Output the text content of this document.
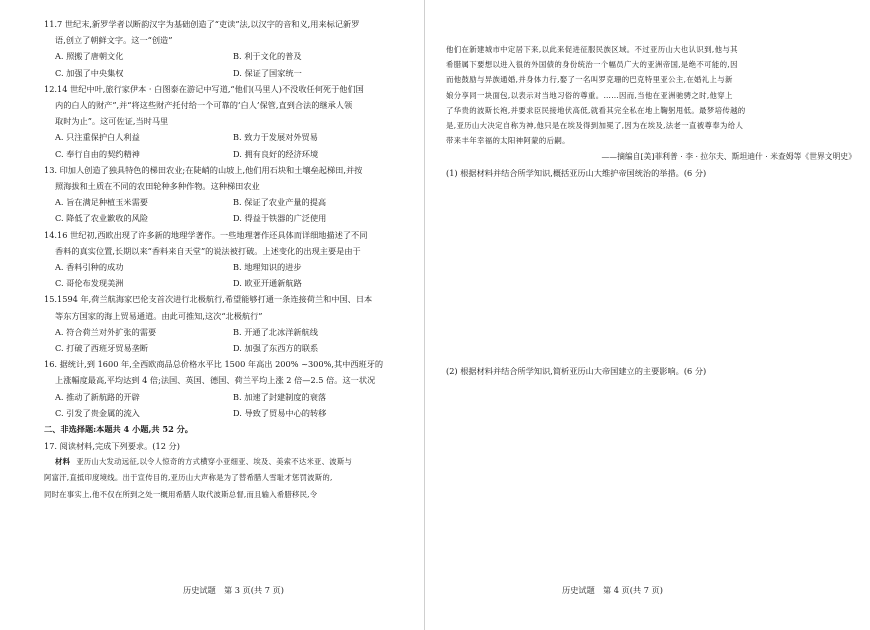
11.7 世纪末,新罗学者以断韵汉字为基础创造了“吏读”法,以汉字的音和义,用来标记新罗
语,创立了朝鲜文字。这一“创造”
A. 照搬了唐朝文化	B. 利于文化的普及
C. 加强了中央集权	D. 保证了国家统一
12.14 世纪中叶,旅行家伊本 · 白图泰在游记中写道,“他们(马里人)不没收任何死于他们国
内的白人的财产”,并“将这些财产托付给一个可靠的‘白人’保管,直到合法的继承人领
取时为止”。这可佐证,当时马里
A. 只注重保护白人利益	B. 致力于发展对外贸易
C. 奉行自由的契约精神	D. 拥有良好的经济环境
13. 印加人创造了独具特色的梯田农业;在陡峭的山坡上,他们用石块和土壤垒起梯田,并按
照海拔和土质在不同的农田轮种多种作物。这种梯田农业
A. 旨在满足种植玉米需要	B. 保证了农业产量的提高
C. 降低了农业歉收的风险	D. 得益于铁器的广泛使用
14.16 世纪初,西欧出现了许多新的地理学著作。一些地理著作还具体而详细地描述了不同
香料的真实位置,长期以来“香料来自天堂”的说法被打破。上述变化的出现主要是由于
A. 香料引种的成功	B. 地理知识的进步
C. 哥伦布发现美洲	D. 欧亚开通新航路
15.1594 年,荷兰航海家巴伦支首次进行北极航行,希望能够打通一条连接荷兰和中国、日本
等东方国家的海上贸易通道。由此可推知,这次“北极航行”
A. 符合荷兰对外扩张的需要	B. 开通了北冰洋新航线
C. 打破了西班牙贸易垄断	D. 加强了东西方的联系
16. 据统计,到 1600 年,全西欧商品总价格水平比 1500 年高出 200% ~300%,其中西班牙的
上涨幅度最高,平均达到 4 倍;法国、英国、德国、荷兰平均上涨 2 倍—2.5 倍。这一状况
A. 推动了新航路的开辟	B. 加速了封建制度的衰落
C. 引发了贵金属的流入	D. 导致了贸易中心的转移
二、非选择题:本题共 4 小题,共 52 分。
17. 阅读材料,完成下列要求。(12 分)
材料 亚历山大发动远征,以令人惊奇的方式横穿小亚细亚、埃及、美索不达米亚、波斯与
阿富汗,直抵印度境线。出于宣传目的,亚历山大声称是为了替希腊人雪耻才惩罚波斯的,
同时在事实上,他不仅在所到之处一概用希腊人取代波斯总督,而且输入希腊移民,令
历史试题　第 3 页(共 7 页)
他们在新建城市中定居下来,以此来促进征服民族区域。不过亚历山大也认识到,他与其
希腊属下要想以进入很的外国债的身份统治一个幅员广大的亚洲帝国,是绝不可能的,因
而他鼓励与异族通婚,并身体力行,娶了一名叫罗克珊的巴克特里亚公主,在婚礼上与新
娘分享同一块面包,以表示对当地习俗的尊重。……因而,当他在亚洲驰骋之时,他穿上
了华贵的波斯长袍,并要求臣民接地伏高低,就看其完全私在地上鞠躬甩低。最梦培传越的
是,亚历山大决定自称为神,他只是在埃及得到加冕了,因为在埃及,法老一直被尊奉为给人
带来丰年幸福的太阳神阿蒙的后嗣。
——摘编自[美]菲利普 · 李 · 拉尔夫、斯坦迪什 · 米查姆等《世界文明史》
(1) 根据材料并结合所学知识,概括亚历山大维护帝国统治的举措。(6 分)
(2) 根据材料并结合所学知识,简析亚历山大帝国建立的主要影响。(6 分)
历史试题　第 4 页(共 7 页)
